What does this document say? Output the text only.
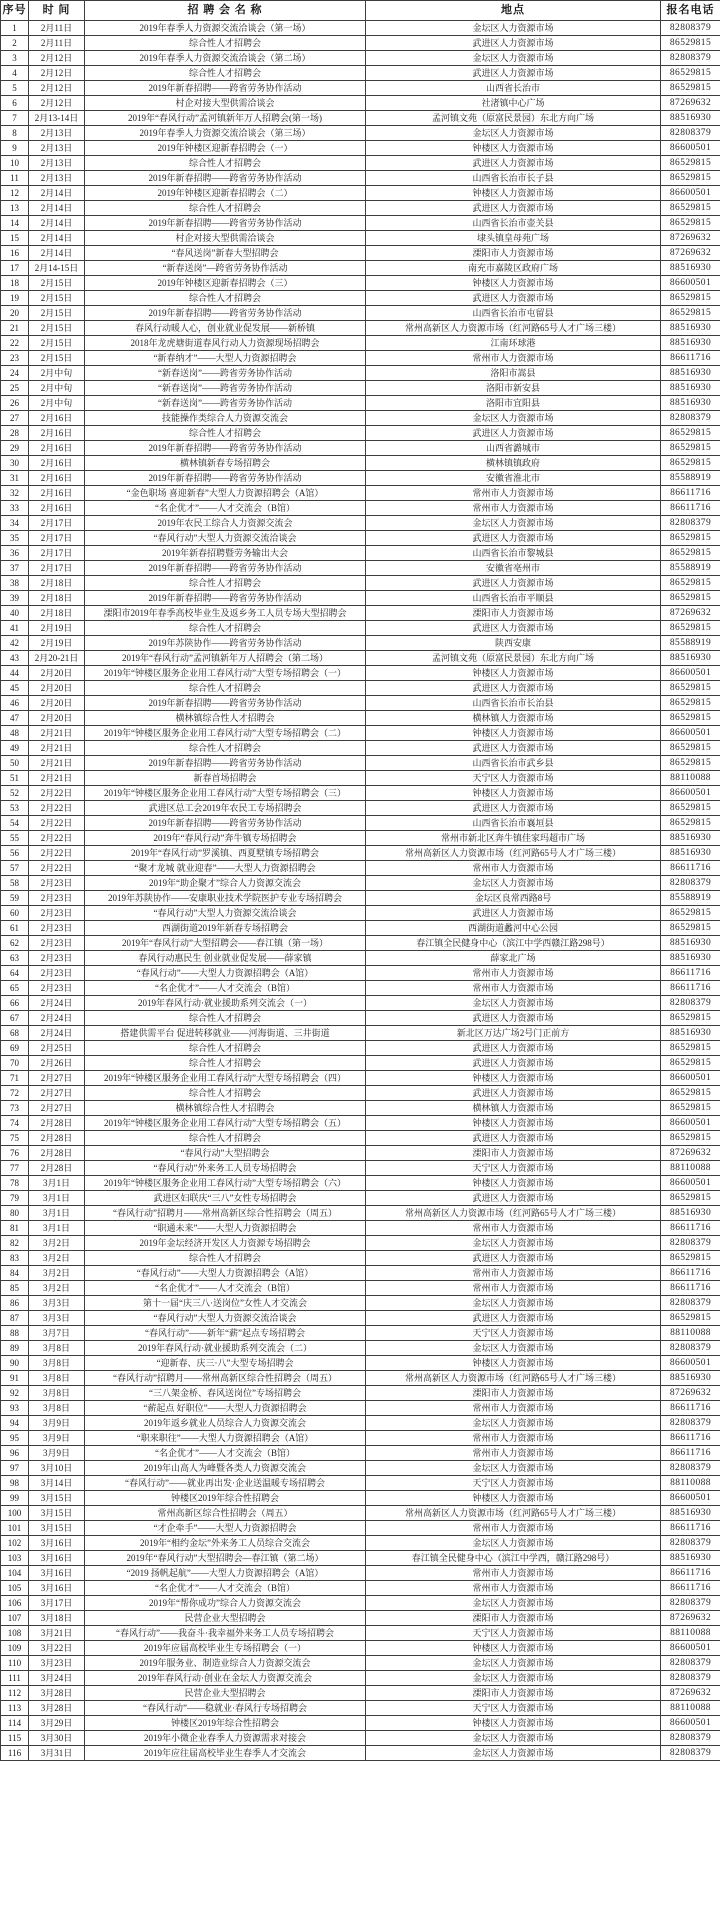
序号	时 间	招 聘 会 名 称	地点	报名电话
1	2月11日	2019年春季人力资源交流洽谈会（第一场）	金坛区人力资源市场	82808379
2	2月11日	综合性人才招聘会	武进区人力资源市场	86529815
3	2月12日	2019年春季人力资源交流洽谈会（第二场）	金坛区人力资源市场	82808379
4	2月12日	综合性人才招聘会	武进区人力资源市场	86529815
5	2月12日	2019年新春招聘——跨省劳务协作活动	山西省长治市	86529815
6	2月12日	村企对接大型供需洽谈会	社渚镇中心广场	87269632
7	2月13-14日	2019年“春风行动”孟河镇新年万人招聘会(第一场)	孟河镇文苑（原富民景园）东北方向广场	88516930
8	2月13日	2019年春季人力资源交流洽谈会（第三场）	金坛区人力资源市场	82808379
9	2月13日	2019年钟楼区迎新春招聘会（一）	钟楼区人力资源市场	86600501
10	2月13日	综合性人才招聘会	武进区人力资源市场	86529815
11	2月13日	2019年新春招聘——跨省劳务协作活动	山西省长治市长子县	86529815
12	2月14日	2019年钟楼区迎新春招聘会（二）	钟楼区人力资源市场	86600501
13	2月14日	综合性人才招聘会	武进区人力资源市场	86529815
14	2月14日	2019年新春招聘——跨省劳务协作活动	山西省长治市壶关县	86529815
15	2月14日	村企对接大型供需洽谈会	埭头镇皇母苑广场	87269632
16	2月14日	“春风送岗”新春大型招聘会	溧阳市人力资源市场	87269632
17	2月14-15日	“新春送岗”—跨省劳务协作活动	南充市嘉陵区政府广场	88516930
18	2月15日	2019年钟楼区迎新春招聘会（三）	钟楼区人力资源市场	86600501
19	2月15日	综合性人才招聘会	武进区人力资源市场	86529815
20	2月15日	2019年新春招聘——跨省劳务协作活动	山西省长治市屯留县	86529815
21	2月15日	春风行动暖人心，创业就业促发展——新桥镇	常州高新区人力资源市场（红河路65号人才广场三楼）	88516930
22	2月15日	2018年龙虎塘街道春风行动人力资源现场招聘会	江南环球港	88516930
23	2月15日	“新春纳才”——大型人力资源招聘会	常州市人力资源市场	86611716
24	2月中旬	“新春送岗”——跨省劳务协作活动	洛阳市嵩县	88516930
25	2月中旬	“新春送岗”——跨省劳务协作活动	洛阳市新安县	88516930
26	2月中旬	“新春送岗”——跨省劳务协作活动	洛阳市宜阳县	88516930
27	2月16日	技能操作类综合人力资源交流会	金坛区人力资源市场	82808379
28	2月16日	综合性人才招聘会	武进区人力资源市场	86529815
29	2月16日	2019年新春招聘——跨省劳务协作活动	山西省潞城市	86529815
30	2月16日	横林镇新春专场招聘会	横林镇镇政府	86529815
31	2月16日	2019年新春招聘——跨省劳务协作活动	安徽省淮北市	85588919
32	2月16日	“金色职场 喜迎新春”大型人力资源招聘会（A馆）	常州市人力资源市场	86611716
33	2月16日	“名企优才”——人才交流会（B馆）	常州市人力资源市场	86611716
34	2月17日	2019年农民工综合人力资源交流会	金坛区人力资源市场	82808379
35	2月17日	“春风行动”大型人力资源交流洽谈会	武进区人力资源市场	86529815
36	2月17日	2019年新春招聘暨劳务输出大会	山西省长治市黎城县	86529815
37	2月17日	2019年新春招聘——跨省劳务协作活动	安徽省亳州市	85588919
38	2月18日	综合性人才招聘会	武进区人力资源市场	86529815
39	2月18日	2019年新春招聘——跨省劳务协作活动	山西省长治市平顺县	86529815
40	2月18日	溧阳市2019年春季高校毕业生及返乡务工人员专场大型招聘会	溧阳市人力资源市场	87269632
41	2月19日	综合性人才招聘会	武进区人力资源市场	86529815
42	2月19日	2019年苏陕协作——跨省劳务协作活动	陕西安康	85588919
43	2月20-21日	2019年“春风行动”孟河镇新年万人招聘会（第二场）	孟河镇文苑（原富民景园）东北方向广场	88516930
44	2月20日	2019年“钟楼区服务企业用工春风行动”大型专场招聘会（一）	钟楼区人力资源市场	86600501
45	2月20日	综合性人才招聘会	武进区人力资源市场	86529815
46	2月20日	2019年新春招聘——跨省劳务协作活动	山西省长治市长治县	86529815
47	2月20日	横林镇综合性人才招聘会	横林镇人力资源市场	86529815
48	2月21日	2019年“钟楼区服务企业用工春风行动”大型专场招聘会（二）	钟楼区人力资源市场	86600501
49	2月21日	综合性人才招聘会	武进区人力资源市场	86529815
50	2月21日	2019年新春招聘——跨省劳务协作活动	山西省长治市武乡县	86529815
51	2月21日	新春首场招聘会	天宁区人力资源市场	88110088
52	2月22日	2019年“钟楼区服务企业用工春风行动”大型专场招聘会（三）	钟楼区人力资源市场	86600501
53	2月22日	武进区总工会2019年农民工专场招聘会	武进区人力资源市场	86529815
54	2月22日	2019年新春招聘——跨省劳务协作活动	山西省长治市襄垣县	86529815
55	2月22日	2019年“春风行动”奔牛镇专场招聘会	常州市新北区奔牛镇佳家玛超市广场	88516930
56	2月22日	2019年“春风行动”罗溪镇、西夏墅镇专场招聘会	常州高新区人力资源市场（红河路65号人才广场三楼）	88516930
57	2月22日	“聚才龙城 就业迎春”——大型人力资源招聘会	常州市人力资源市场	86611716
58	2月23日	2019年“助企聚才”综合人力资源交流会	金坛区人力资源市场	82808379
59	2月23日	2019年苏陕协作——安康职业技术学院医护专业专场招聘会	金坛区良常西路8号	85588919
60	2月23日	“春风行动”大型人力资源交流洽谈会	武进区人力资源市场	86529815
61	2月23日	西湖街道2019年新春专场招聘会	西湖街道蠡河中心公园	86529815
62	2月23日	2019年“春风行动”大型招聘会——春江镇（第一场）	春江镇全民健身中心（滨江中学西赣江路298号）	88516930
63	2月23日	春风行动惠民生 创业就业促发展——薛家镇	薛家北广场	88516930
64	2月23日	“春风行动”——大型人力资源招聘会（A馆）	常州市人力资源市场	86611716
65	2月23日	“名企优才”——人才交流会（B馆）	常州市人力资源市场	86611716
66	2月24日	2019年春风行动·就业援助系列交流会（一）	金坛区人力资源市场	82808379
67	2月24日	综合性人才招聘会	武进区人力资源市场	86529815
68	2月24日	搭建供需平台 促进转移就业——河海街道、三井街道	新北区万达广场2号门正前方	88516930
69	2月25日	综合性人才招聘会	武进区人力资源市场	86529815
70	2月26日	综合性人才招聘会	武进区人力资源市场	86529815
71	2月27日	2019年“钟楼区服务企业用工春风行动”大型专场招聘会（四）	钟楼区人力资源市场	86600501
72	2月27日	综合性人才招聘会	武进区人力资源市场	86529815
73	2月27日	横林镇综合性人才招聘会	横林镇人力资源市场	86529815
74	2月28日	2019年“钟楼区服务企业用工春风行动”大型专场招聘会（五）	钟楼区人力资源市场	86600501
75	2月28日	综合性人才招聘会	武进区人力资源市场	86529815
76	2月28日	“春风行动”大型招聘会	溧阳市人力资源市场	87269632
77	2月28日	“春风行动”外来务工人员专场招聘会	天宁区人力资源市场	88110088
78	3月1日	2019年“钟楼区服务企业用工春风行动”大型专场招聘会（六）	钟楼区人力资源市场	86600501
79	3月1日	武进区妇联庆“三八”女性专场招聘会	武进区人力资源市场	86529815
80	3月1日	“春风行动”招聘月——常州高新区综合性招聘会（周五）	常州高新区人力资源市场（红河路65号人才广场三楼）	88516930
81	3月1日	“职通未来”——大型人力资源招聘会	常州市人力资源市场	86611716
82	3月2日	2019年金坛经济开发区人力资源专场招聘会	金坛区人力资源市场	82808379
83	3月2日	综合性人才招聘会	武进区人力资源市场	86529815
84	3月2日	“春风行动”——大型人力资源招聘会（A馆）	常州市人力资源市场	86611716
85	3月2日	“名企优才”——人才交流会（B馆）	常州市人力资源市场	86611716
86	3月3日	第十一届“庆三八·送岗位”女性人才交流会	金坛区人力资源市场	82808379
87	3月3日	“春风行动”大型人力资源交流洽谈会	武进区人力资源市场	86529815
88	3月7日	“春风行动”——新年“薪”起点专场招聘会	天宁区人力资源市场	88110088
89	3月8日	2019年春风行动·就业援助系列交流会（二）	金坛区人力资源市场	82808379
90	3月8日	“迎新春、庆三·八”大型专场招聘会	钟楼区人力资源市场	86600501
91	3月8日	“春风行动”招聘月——常州高新区综合性招聘会（周五）	常州高新区人力资源市场（红河路65号人才广场三楼）	88516930
92	3月8日	“三八架金桥、春风送岗位”专场招聘会	溧阳市人力资源市场	87269632
93	3月8日	“薪起点 好职位”——大型人力资源招聘会	常州市人力资源市场	86611716
94	3月9日	2019年返乡就业人员综合人力资源交流会	金坛区人力资源市场	82808379
95	3月9日	“职来职往”——大型人力资源招聘会（A馆）	常州市人力资源市场	86611716
96	3月9日	“名企优才”——人才交流会（B馆）	常州市人力资源市场	86611716
97	3月10日	2019年山高人为峰暨各类人力资源交流会	金坛区人力资源市场	82808379
98	3月14日	“春风行动”——就业再出发·企业送温暖专场招聘会	天宁区人力资源市场	88110088
99	3月15日	钟楼区2019年综合性招聘会	钟楼区人力资源市场	86600501
100	3月15日	常州高新区综合性招聘会（周五）	常州高新区人力资源市场（红河路65号人才广场三楼）	88516930
101	3月15日	“才企牵手”——大型人力资源招聘会	常州市人力资源市场	86611716
102	3月16日	2019年“相约金坛”外来务工人员综合交流会	金坛区人力资源市场	82808379
103	3月16日	2019年“春风行动”大型招聘会—春江镇（第二场）	春江镇全民健身中心（滨江中学西，赣江路298号）	88516930
104	3月16日	“2019 扬帆起航”——大型人力资源招聘会（A馆）	常州市人力资源市场	86611716
105	3月16日	“名企优才”——人才交流会（B馆）	常州市人力资源市场	86611716
106	3月17日	2019年“帮你成功”综合人力资源交流会	金坛区人力资源市场	82808379
107	3月18日	民营企业大型招聘会	溧阳市人力资源市场	87269632
108	3月21日	“春风行动”——我奋斗·我幸福外来务工人员专场招聘会	天宁区人力资源市场	88110088
109	3月22日	2019年应届高校毕业生专场招聘会（一）	钟楼区人力资源市场	86600501
110	3月23日	2019年服务业、制造业综合人力资源交流会	金坛区人力资源市场	82808379
111	3月24日	2019年春风行动·创业在金坛人力资源交流会	金坛区人力资源市场	82808379
112	3月28日	民营企业大型招聘会	溧阳市人力资源市场	87269632
113	3月28日	“春风行动”——稳就业·春风行专场招聘会	天宁区人力资源市场	88110088
114	3月29日	钟楼区2019年综合性招聘会	钟楼区人力资源市场	86600501
115	3月30日	2019年小微企业春季人力资源需求对接会	金坛区人力资源市场	82808379
116	3月31日	2019年应往届高校毕业生春季人才交流会	金坛区人力资源市场	82808379
